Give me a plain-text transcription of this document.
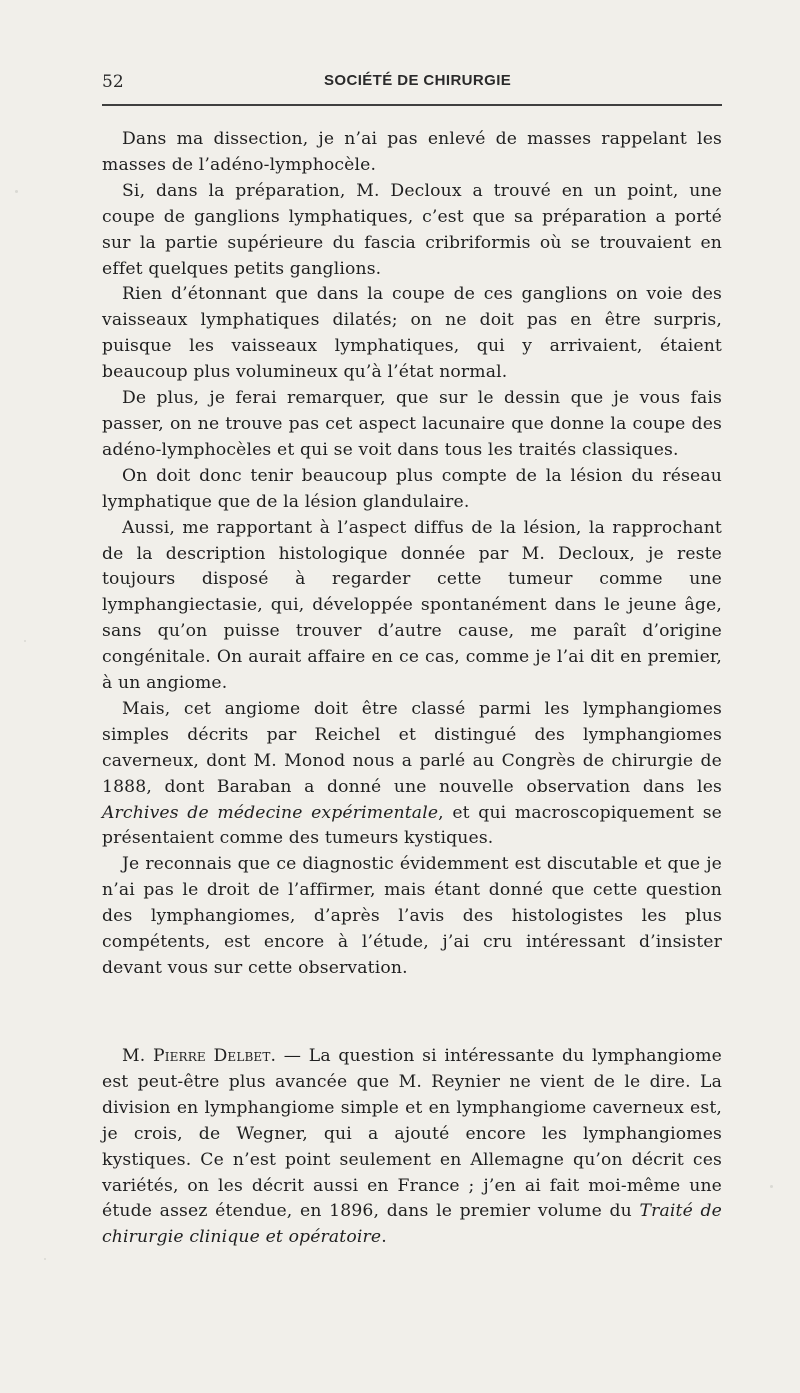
52	SOCIÉTÉ DE CHIRURGIE

Dans ma dissection, je n’ai pas enlevé de masses rappelant les masses de l’adéno-lymphocèle.

Si, dans la préparation, M. Decloux a trouvé en un point, une coupe de ganglions lymphatiques, c’est que sa préparation a porté sur la partie supérieure du fascia cribriformis où se trouvaient en effet quelques petits ganglions.

Rien d’étonnant que dans la coupe de ces ganglions on voie des vaisseaux lymphatiques dilatés; on ne doit pas en être surpris, puisque les vaisseaux lymphatiques, qui y arrivaient, étaient beaucoup plus volumineux qu’à l’état normal.

De plus, je ferai remarquer, que sur le dessin que je vous fais passer, on ne trouve pas cet aspect lacunaire que donne la coupe des adéno-lymphocèles et qui se voit dans tous les traités classiques.

On doit donc tenir beaucoup plus compte de la lésion du réseau lymphatique que de la lésion glandulaire.

Aussi, me rapportant à l’aspect diffus de la lésion, la rapprochant de la description histologique donnée par M. Decloux, je reste toujours disposé à regarder cette tumeur comme une lymphangiectasie, qui, développée spontanément dans le jeune âge, sans qu’on puisse trouver d’autre cause, me paraît d’origine congénitale. On aurait affaire en ce cas, comme je l’ai dit en premier, à un angiome.

Mais, cet angiome doit être classé parmi les lymphangiomes simples décrits par Reichel et distingué des lymphangiomes caverneux, dont M. Monod nous a parlé au Congrès de chirurgie de 1888, dont Baraban a donné une nouvelle observation dans les Archives de médecine expérimentale, et qui macroscopiquement se présentaient comme des tumeurs kystiques.

Je reconnais que ce diagnostic évidemment est discutable et que je n’ai pas le droit de l’affirmer, mais étant donné que cette question des lymphangiomes, d’après l’avis des histologistes les plus compétents, est encore à l’étude, j’ai cru intéressant d’insister devant vous sur cette observation.

M. Pierre Delbet. — La question si intéressante du lymphangiome est peut-être plus avancée que M. Reynier ne vient de le dire. La division en lymphangiome simple et en lymphangiome caverneux est, je crois, de Wegner, qui a ajouté encore les lymphangiomes kystiques. Ce n’est point seulement en Allemagne qu’on décrit ces variétés, on les décrit aussi en France ; j’en ai fait moi-même une étude assez étendue, en 1896, dans le premier volume du Traité de chirurgie clinique et opératoire.
